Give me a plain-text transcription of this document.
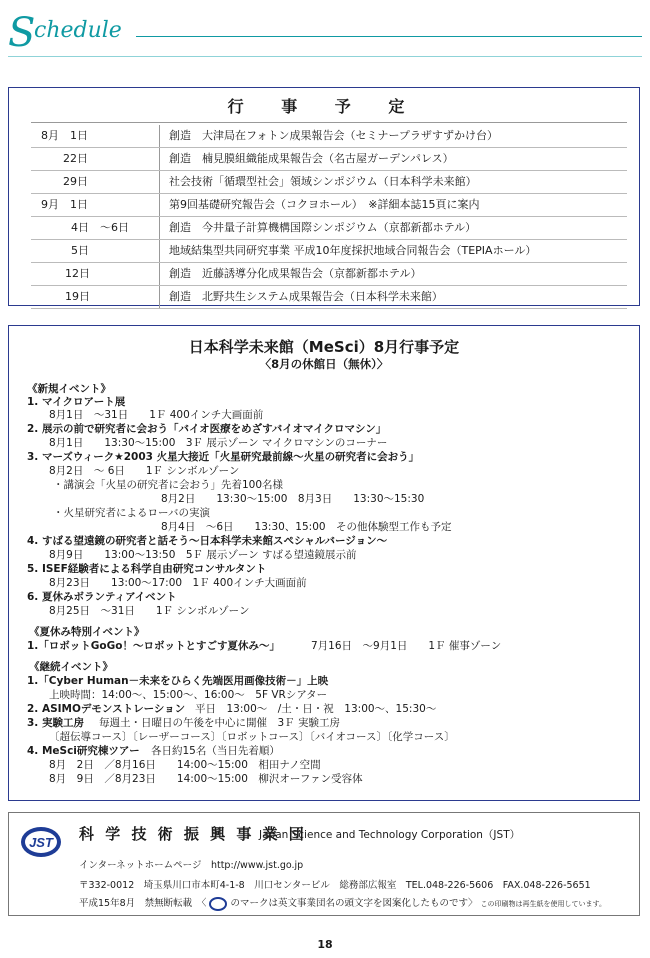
S
chedule
行 事 予 定
8月　1日	創造　大津局在フォトン成果報告会（セミナープラザすずかけ台）
22日	創造　楠見膜組織能成果報告会（名古屋ガーデンパレス）
29日	社会技術「循環型社会」領域シンポジウム（日本科学未来館）
9月　1日	第9回基礎研究報告会（コクヨホール）　※詳細本誌15頁に案内
4日　～6日	創造　今井量子計算機構国際シンポジウム（京都新都ホテル）
5日	地域結集型共同研究事業 平成10年度採択地域合同報告会（TEPIAホール）
12日	創造　近藤誘導分化成果報告会（京都新都ホテル）
19日	創造　北野共生システム成果報告会（日本科学未来館）
日本科学未来館（MeSci）8月行事予定
〈8月の休館日（無休）〉
《新規イベント》
1. マイクロアート展
8月1日　～31日　　1Ｆ 400インチ大画面前
2. 展示の前で研究者に会おう「バイオ医療をめざすバイオマイクロマシン」
8月1日　　13:30～15:00　3Ｆ 展示ゾーン マイクロマシンのコーナー
3. マーズウィーク★2003 火星大接近「火星研究最前線～火星の研究者に会おう」
8月2日　～ 6日　　1Ｆ シンボルゾーン
・講演会「火星の研究者に会おう」先着100名様
8月2日　　13:30～15:00　8月3日　　13:30～15:30
・火星研究者によるローバの実演
8月4日　～6日　　13:30、15:00　その他体験型工作も予定
4. すばる望遠鏡の研究者と話そう～日本科学未来館スペシャルバージョン～
8月9日　　13:00～13:50　5Ｆ 展示ゾーン すばる望遠鏡展示前
5. ISEF経験者による科学自由研究コンサルタント
8月23日　　13:00～17:00　1Ｆ 400インチ大画面前
6. 夏休みボランティアイベント
8月25日　～31日　　1Ｆ シンボルゾーン
《夏休み特別イベント》
1.「ロボットGoGo！～ロボットとすごす夏休み～」	7月16日　～9月1日　　1Ｆ 催事ゾーン
《継続イベント》
1.「Cyber Human－未来をひらく先端医用画像技術－」上映
上映時間：14:00～、15:00～、16:00～　5F VRシアター
2. ASIMOデモンストレーション 平日　13:00～　/土・日・祝　13:00～、15:30～
3. 実験工房 毎週土・日曜日の午後を中心に開催　3Ｆ 実験工房
〔超伝導コース〕〔レーザーコース〕〔ロボットコース〕〔バイオコース〕〔化学コース〕
4. MeSci研究棟ツアー 各日約15名（当日先着順）
8月　2日　／8月16日　　14:00～15:00　相田ナノ空間
8月　9日　／8月23日　　14:00～15:00　柳沢オーファン受容体
JST 科 学 技 術 振 興 事 業 団
Japan Science and Technology Corporation（JST）
インターネットホームページ　http://www.jst.go.jp
〒332-0012　埼玉県川口市本町4-1-8　川口センタービル　総務部広報室　TEL.048-226-5606　FAX.048-226-5651
平成15年8月　禁無断転載　〈	のマークは英文事業団名の頭文字を図案化したものです〉 この印刷物は再生紙を使用しています。
18
